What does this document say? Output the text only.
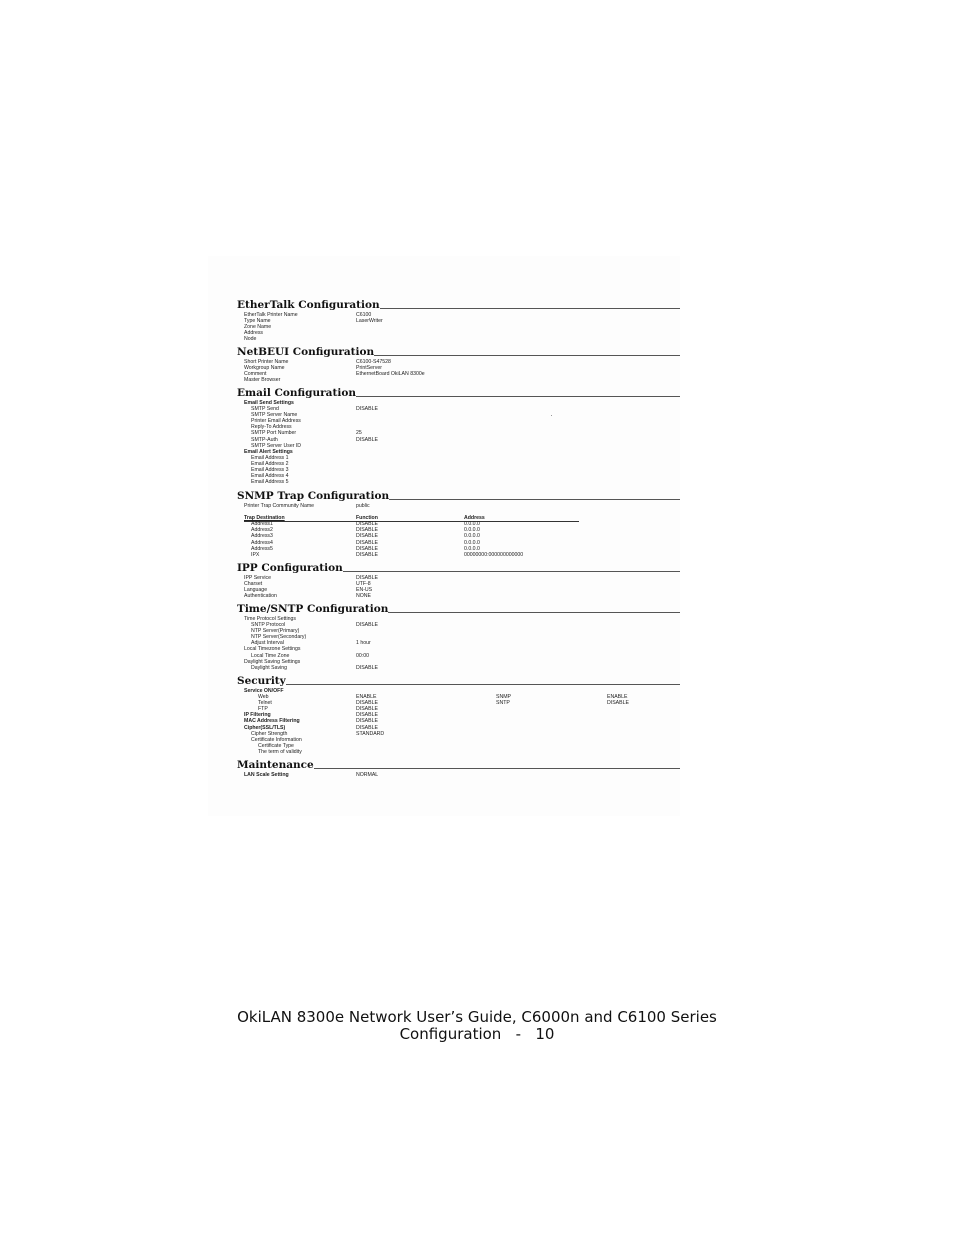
EtherTalk Configuration
EtherTalk Printer Name	C6100
Type Name	LaserWriter
Zone Name
Address
Node
NetBEUI Configuration
Short Printer Name	C6100-S47528
Workgroup Name	PrintServer
Comment	EthernetBoard OkiLAN 8300e
Master Browser
Email Configuration
Email Send Settings
SMTP Send	DISABLE
SMTP Server Name
Printer Email Address
Reply-To Address
SMTP Port Number	25
SMTP-Auth	DISABLE
SMTP Server User ID
Email Alert Settings
Email Address 1
Email Address 2
Email Address 3
Email Address 4
Email Address 5
SNMP Trap Configuration
Printer Trap Community Name	public
Trap Destination	Function	Address
Address1	DISABLE	0.0.0.0
Address2	DISABLE	0.0.0.0
Address3	DISABLE	0.0.0.0
Address4	DISABLE	0.0.0.0
Address5	DISABLE	0.0.0.0
IPX	DISABLE	00000000:000000000000
IPP Configuration
IPP Service	DISABLE
Charset	UTF-8
Language	EN-US
Authentication	NONE
Time/SNTP Configuration
Time Protocol Settings
SNTP Protocol	DISABLE
NTP Server(Primary)
NTP Server(Secondary)
Adjust Interval	1 hour
Local Timezone Settings
Local Time Zone	00:00
Daylight Saving Settings
Daylight Saving	DISABLE
Security
Service ON/OFF
Web	ENABLE	SNMP	ENABLE
Telnet	DISABLE	SNTP	DISABLE
FTP	DISABLE
IP Filtering	DISABLE
MAC Address Filtering	DISABLE
Cipher(SSL/TLS)	DISABLE
Cipher Strength	STANDARD
Certificate Information
Certificate Type
The term of validity
Maintenance
LAN Scale Setting	NORMAL
OkiLAN 8300e Network User’s Guide, C6000n and C6100 Series
Configuration   -   10
